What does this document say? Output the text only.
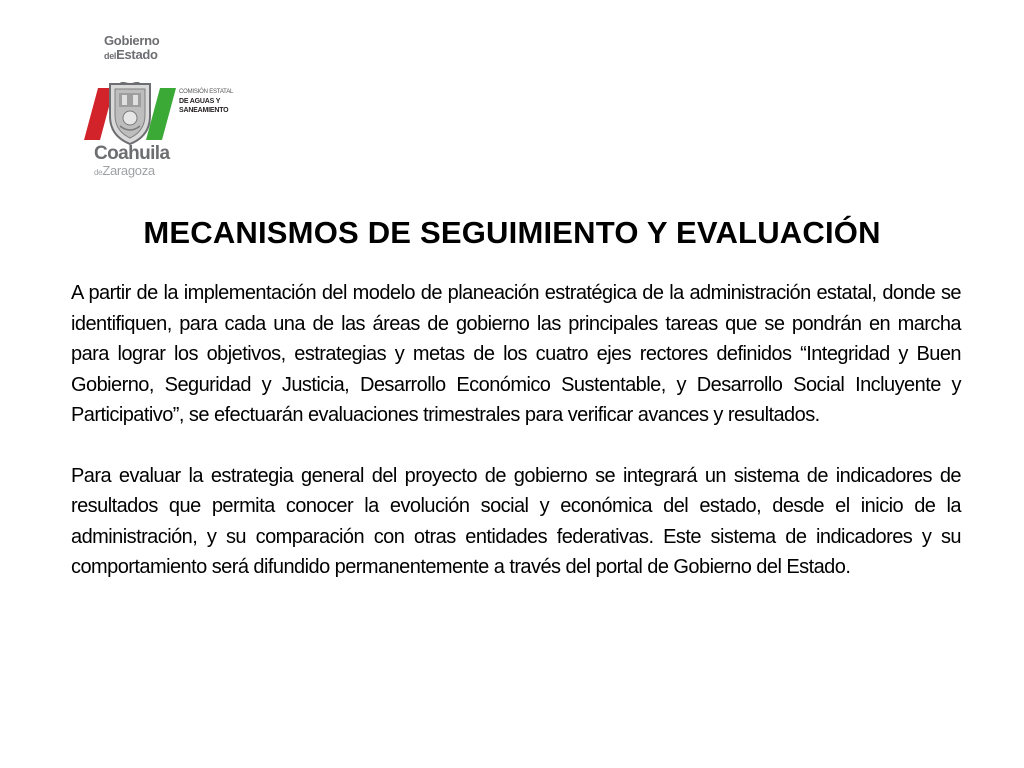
Gobierno
delEstado
Coahuila
deZaragoza
COMISIÓN ESTATAL
DE AGUAS Y
SANEAMIENTO
MECANISMOS DE SEGUIMIENTO Y EVALUACIÓN

A partir de la implementación del modelo de planeación estratégica de la administración estatal, donde se identifiquen, para cada una de las áreas de gobierno las principales tareas que se pondrán en marcha para lograr los objetivos, estrategias y metas de los cuatro ejes rectores definidos “Integridad y Buen Gobierno, Seguridad y Justicia, Desarrollo Económico Sustentable, y Desarrollo Social Incluyente y Participativo”, se efectuarán evaluaciones trimestrales para verificar avances y resultados.

Para evaluar la estrategia general del proyecto de gobierno se integrará un sistema de indicadores de resultados que permita conocer la evolución social y económica del estado, desde el inicio de la administración, y su comparación con otras entidades federativas. Este sistema de indicadores y su comportamiento será difundido permanentemente a través del portal de Gobierno del Estado.
